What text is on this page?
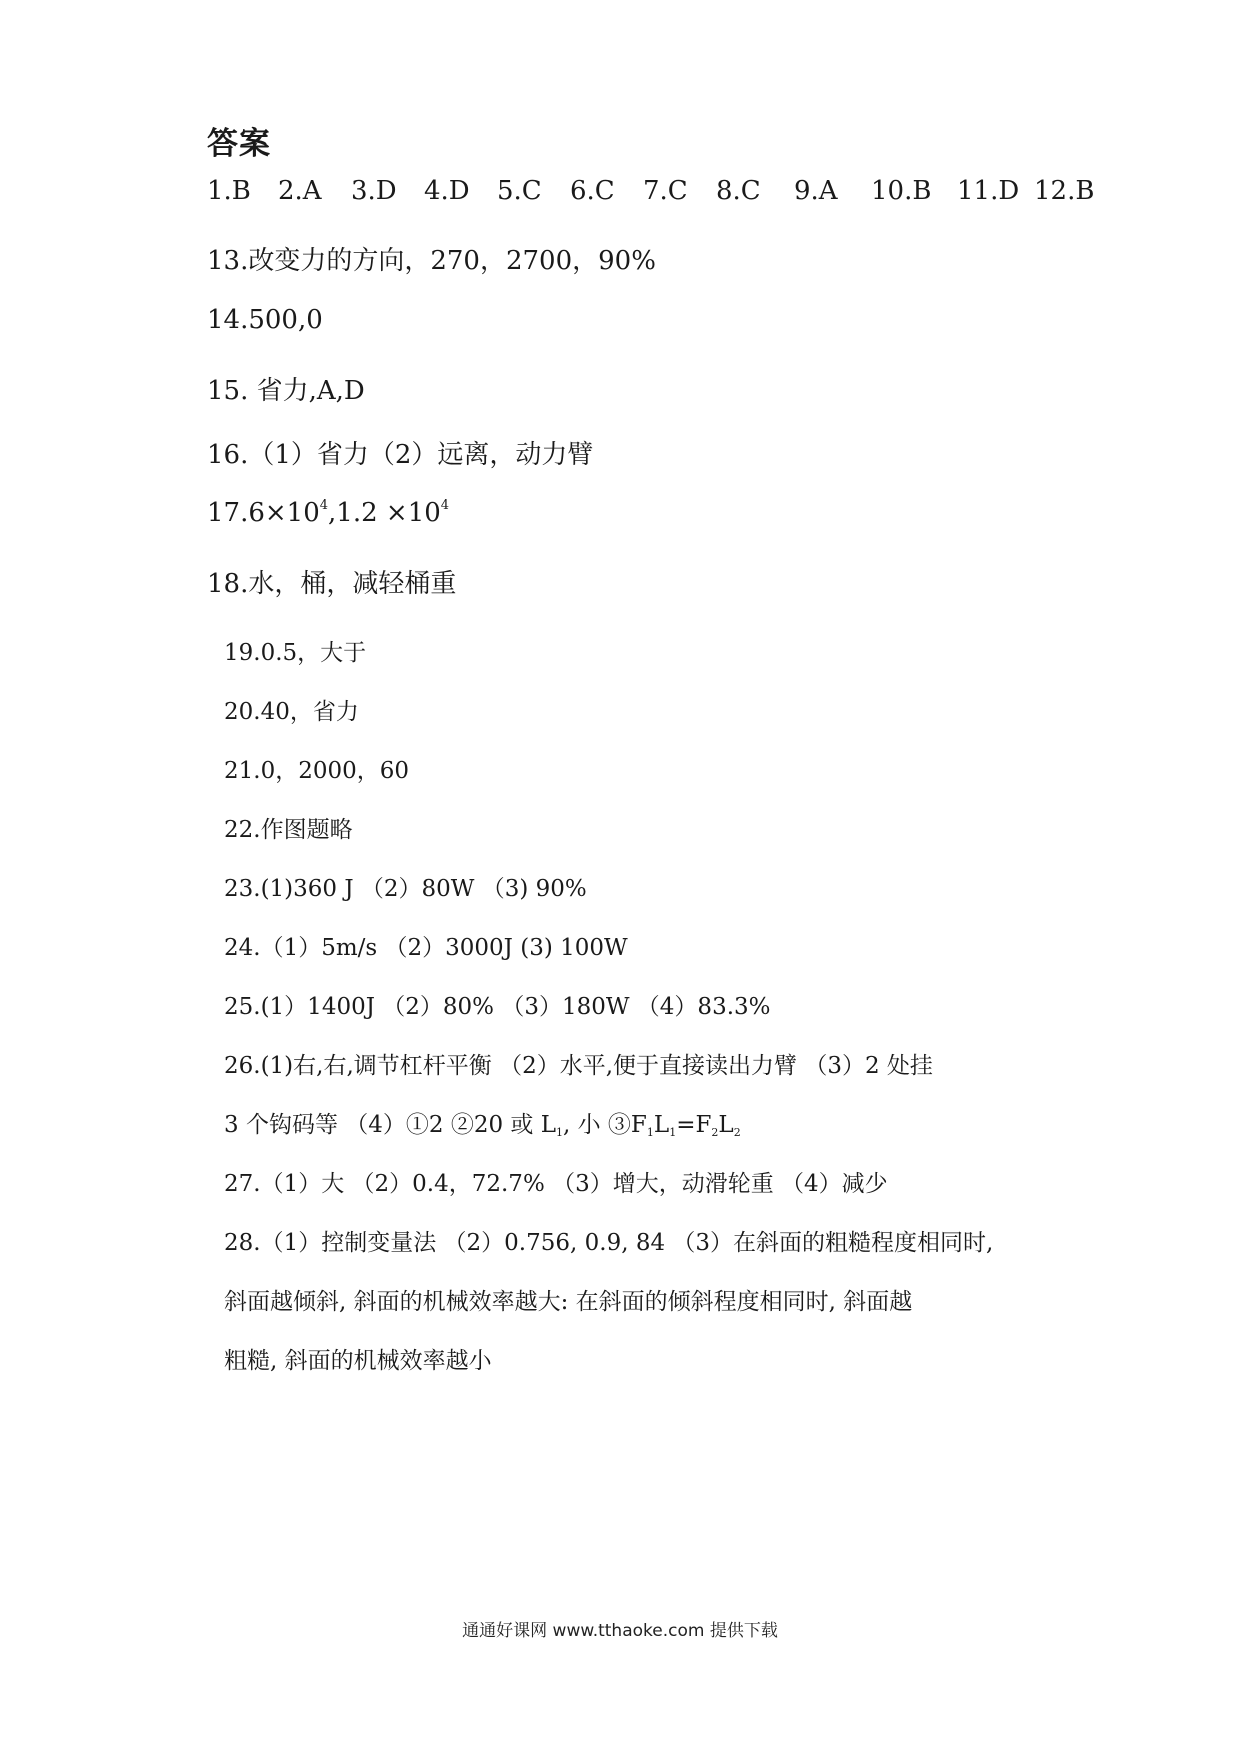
答案
1.B 2.A 3.D 4.D 5.C 6.C 7.C 8.C 9.A 10.B 11.D 12.B
13.改变力的方向，270，2700，90%
14.500,0
15. 省力,A,D
16.（1）省力（2）远离，动力臂
$17.6\times 10^4,1.2 \times 10^4$
18.水，桶，减轻桶重
19.0.5，大于
20.40，省力
21.0，2000，60
22.作图题略
23.(1)360 J （2）80W （3) 90%
24.（1）5m/s （2）3000J (3) 100W
25.(1）1400J （2）80% （3）180W （4）83.3%
26.(1)右,右,调节杠杆平衡 （2）水平,便于直接读出力臂 （3）2 处挂
3 个钩码等 （4）①2 ②20 或 $L_1$, 小 $③F_1L_1=F_2L_2$
27.（1）大 （2）0.4，72.7% （3）增大，动滑轮重 （4）减少
28.（1）控制变量法 （2）0.756, 0.9, 84 （3）在斜面的粗糙程度相同时,
斜面越倾斜, 斜面的机械效率越大: 在斜面的倾斜程度相同时, 斜面越
粗糙, 斜面的机械效率越小
通通好课网 www.tthaoke.com 提供下载
